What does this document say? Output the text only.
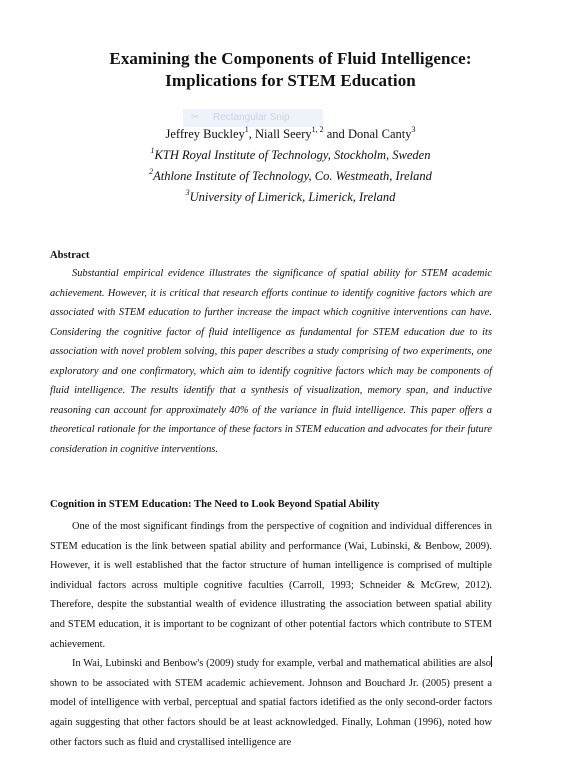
Examining the Components of Fluid Intelligence:

Implications for STEM Education

✂ Rectangular Snip
Jeffrey Buckley$^1$, Niall Seery$^{1, 2}$ and Donal Canty$^3$
$^1$KTH Royal Institute of Technology, Stockholm, Sweden
$^2$Athlone Institute of Technology, Co. Westmeath, Ireland
$^3$University of Limerick, Limerick, Ireland

Abstract

Substantial empirical evidence illustrates the significance of spatial ability for STEM academic achievement. However, it is critical that research efforts continue to identify cognitive factors which are associated with STEM education to further increase the impact which cognitive interventions can have. Considering the cognitive factor of fluid intelligence as fundamental for STEM education due to its association with novel problem solving, this paper describes a study comprising of two experiments, one exploratory and one confirmatory, which aim to identify cognitive factors which may be components of fluid intelligence. The results identify that a synthesis of visualization, memory span, and inductive reasoning can account for approximately 40% of the variance in fluid intelligence. This paper offers a theoretical rationale for the importance of these factors in STEM education and advocates for their future consideration in cognitive interventions.

Cognition in STEM Education: The Need to Look Beyond Spatial Ability

One of the most significant findings from the perspective of cognition and individual differences in STEM education is the link between spatial ability and performance (Wai, Lubinski, & Benbow, 2009). However, it is well established that the factor structure of human intelligence is comprised of multiple individual factors across multiple cognitive faculties (Carroll, 1993; Schneider & McGrew, 2012). Therefore, despite the substantial wealth of evidence illustrating the association between spatial ability and STEM education, it is important to be cognizant of other potential factors which contribute to STEM achievement.

In Wai, Lubinski and Benbow's (2009) study for example, verbal and mathematical abilities are also shown to be associated with STEM academic achievement. Johnson and Bouchard Jr. (2005) present a model of intelligence with verbal, perceptual and spatial factors idetified as the only second-order factors again suggesting that other factors should be at least acknowledged. Finally, Lohman (1996), noted how other factors such as fluid and crystallised intelligence are
